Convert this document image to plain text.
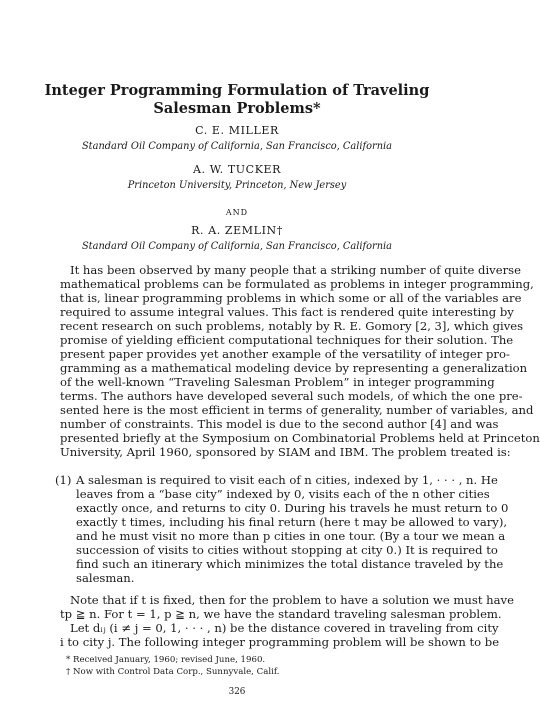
Integer Programming Formulation of Traveling
Salesman Problems*
C. E. MILLER
Standard Oil Company of California, San Francisco, California
A. W. TUCKER
Princeton University, Princeton, New Jersey
AND
R. A. ZEMLIN†
Standard Oil Company of California, San Francisco, California
It has been observed by many people that a striking number of quite diverse
mathematical problems can be formulated as problems in integer programming,
that is, linear programming problems in which some or all of the variables are
required to assume integral values. This fact is rendered quite interesting by
recent research on such problems, notably by R. E. Gomory [2, 3], which gives
promise of yielding efficient computational techniques for their solution. The
present paper provides yet another example of the versatility of integer pro-
gramming as a mathematical modeling device by representing a generalization
of the well-known “Traveling Salesman Problem” in integer programming
terms. The authors have developed several such models, of which the one pre-
sented here is the most efficient in terms of generality, number of variables, and
number of constraints. This model is due to the second author [4] and was
presented briefly at the Symposium on Combinatorial Problems held at Princeton
University, April 1960, sponsored by SIAM and IBM. The problem treated is:
(1) A salesman is required to visit each of n cities, indexed by 1, · · · , n. He
leaves from a “base city” indexed by 0, visits each of the n other cities
exactly once, and returns to city 0. During his travels he must return to 0
exactly t times, including his final return (here t may be allowed to vary),
and he must visit no more than p cities in one tour. (By a tour we mean a
succession of visits to cities without stopping at city 0.) It is required to
find such an itinerary which minimizes the total distance traveled by the
salesman.
Note that if t is fixed, then for the problem to have a solution we must have
tp ≧ n. For t = 1, p ≧ n, we have the standard traveling salesman problem.
Let dᵢⱼ (i ≠ j = 0, 1, · · · , n) be the distance covered in traveling from city
i to city j. The following integer programming problem will be shown to be
* Received January, 1960; revised June, 1960.
† Now with Control Data Corp., Sunnyvale, Calif.
326
